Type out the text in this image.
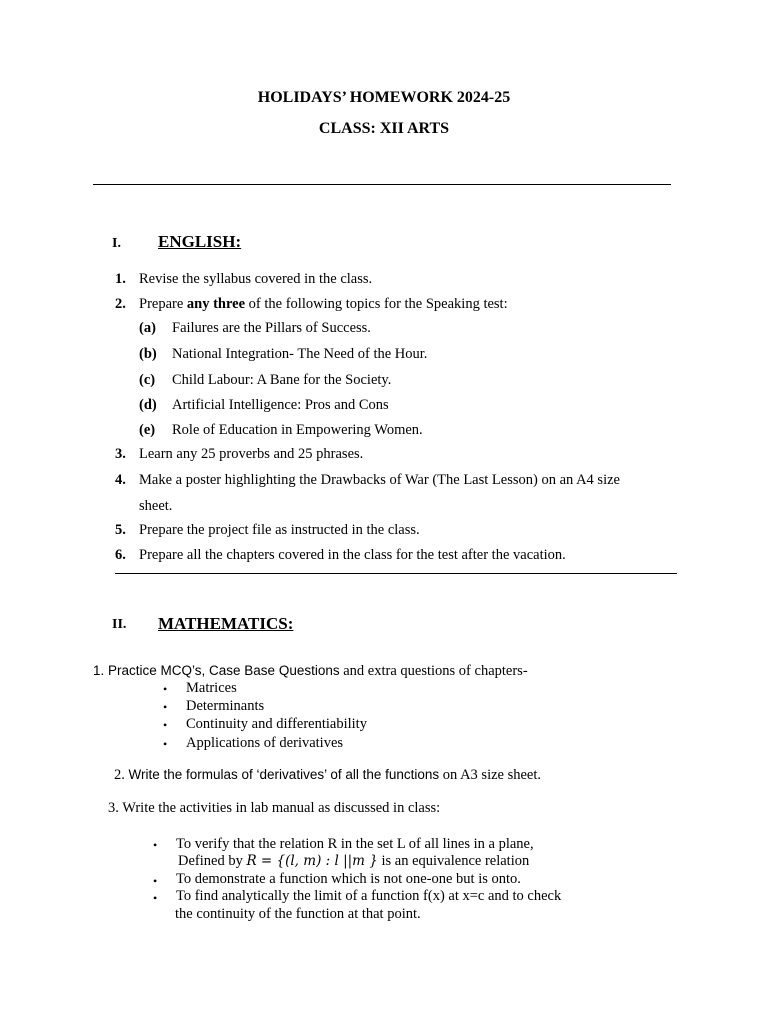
HOLIDAYS’ HOMEWORK 2024-25
CLASS: XII ARTS
I. ENGLISH:
1. Revise the syllabus covered in the class.
2. Prepare any three of the following topics for the Speaking test:
(a) Failures are the Pillars of Success.
(b) National Integration- The Need of the Hour.
(c) Child Labour: A Bane for the Society.
(d) Artificial Intelligence: Pros and Cons
(e) Role of Education in Empowering Women.
3. Learn any 25 proverbs and 25 phrases.
4. Make a poster highlighting the Drawbacks of War (The Last Lesson) on an A4 size
sheet.
5. Prepare the project file as instructed in the class.
6. Prepare all the chapters covered in the class for the test after the vacation.
II. MATHEMATICS:
1. Practice MCQ’s, Case Base Questions and extra questions of chapters-
• Matrices
• Determinants
• Continuity and differentiability
• Applications of derivatives
2. Write the formulas of ‘derivatives’ of all the functions on A3 size sheet.
3. Write the activities in lab manual as discussed in class:
• To verify that the relation R in the set L of all lines in a plane,
Defined by R = {(l, m) : l ||m } is an equivalence relation
• To demonstrate a function which is not one-one but is onto.
• To find analytically the limit of a function f(x) at x=c and to check
the continuity of the function at that point.
